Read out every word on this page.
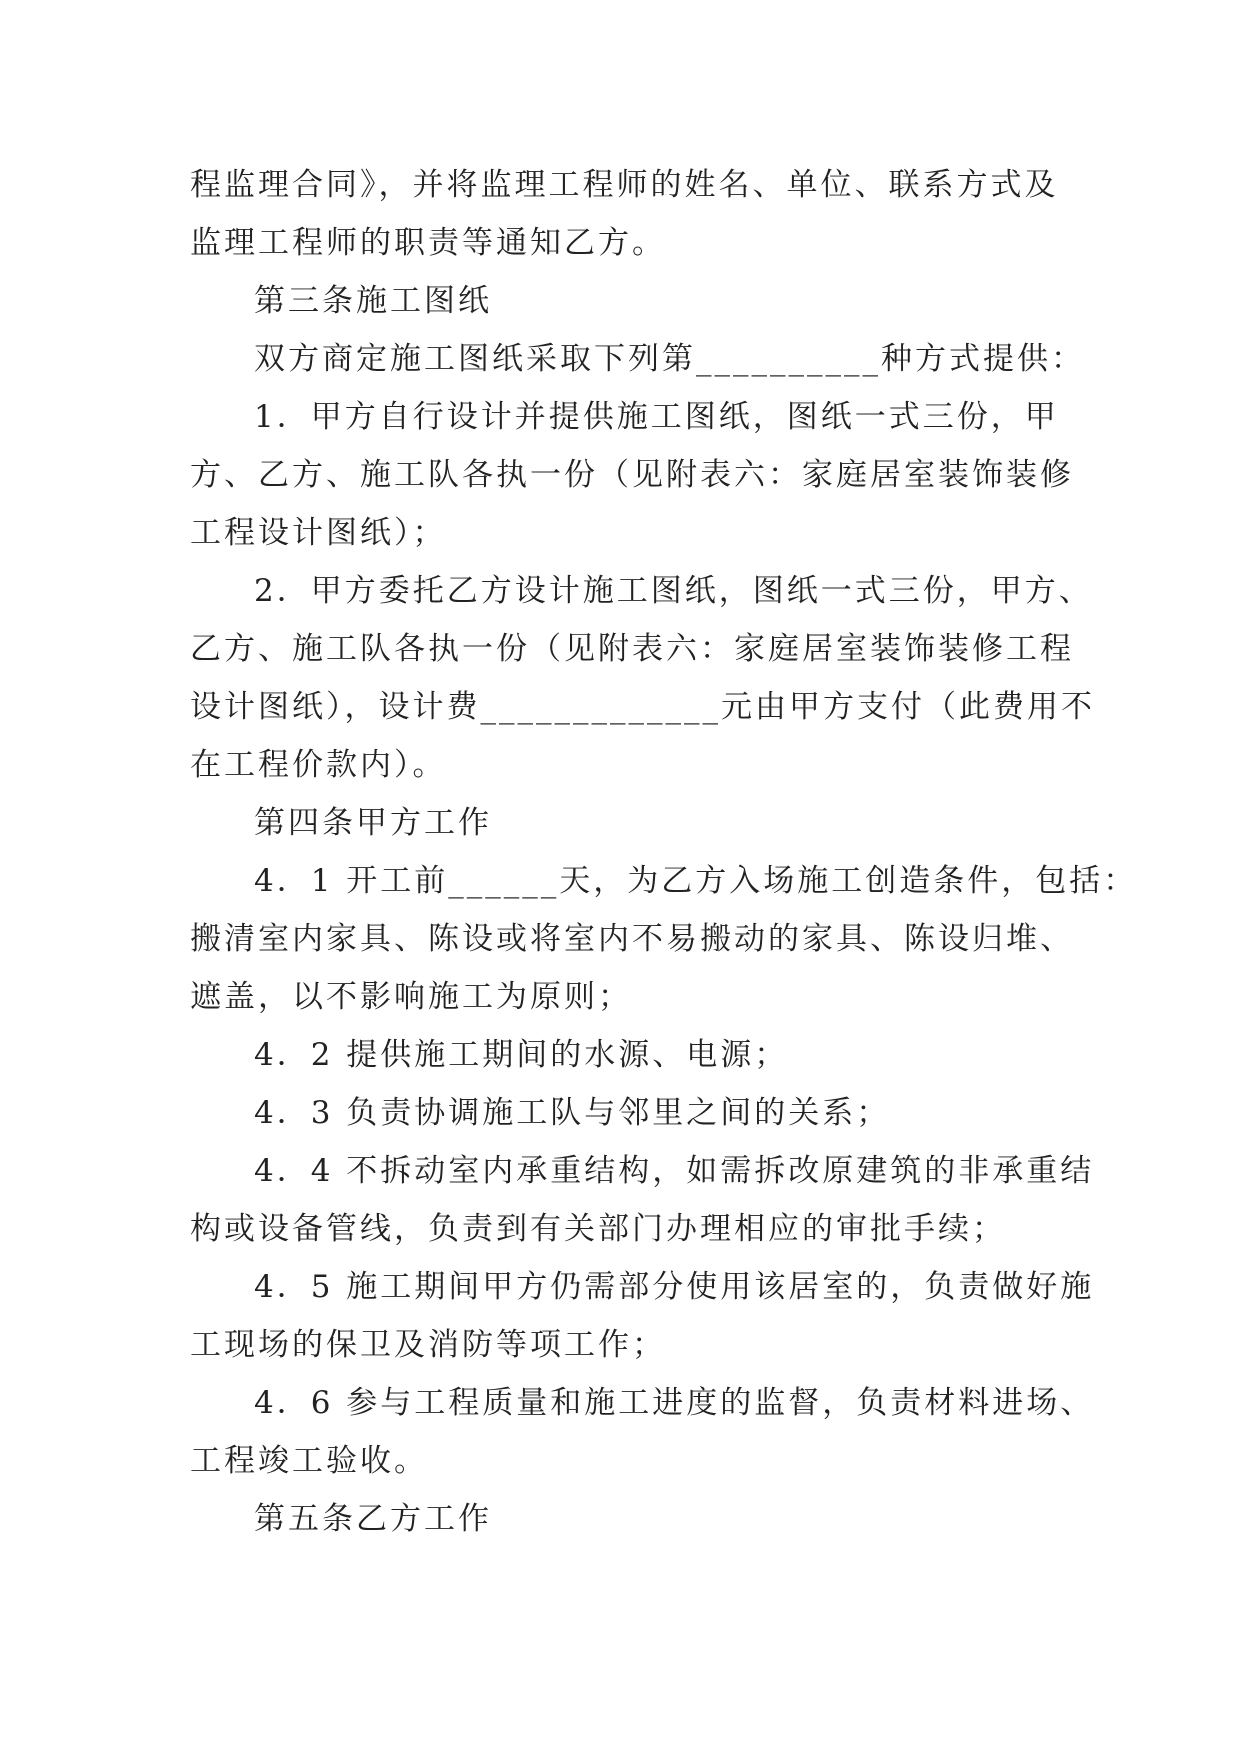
程监理合同》，并将监理工程师的姓名、单位、联系方式及
监理工程师的职责等通知乙方。
第三条施工图纸
双方商定施工图纸采取下列第__________种方式提供：
1．甲方自行设计并提供施工图纸，图纸一式三份，甲
方、乙方、施工队各执一份（见附表六：家庭居室装饰装修
工程设计图纸）；
2．甲方委托乙方设计施工图纸，图纸一式三份，甲方、
乙方、施工队各执一份（见附表六：家庭居室装饰装修工程
设计图纸），设计费_____________元由甲方支付（此费用不
在工程价款内）。
第四条甲方工作
4．1 开工前______天，为乙方入场施工创造条件，包括：
搬清室内家具、陈设或将室内不易搬动的家具、陈设归堆、
遮盖，以不影响施工为原则；
4．2 提供施工期间的水源、电源；
4．3 负责协调施工队与邻里之间的关系；
4．4 不拆动室内承重结构，如需拆改原建筑的非承重结
构或设备管线，负责到有关部门办理相应的审批手续；
4．5 施工期间甲方仍需部分使用该居室的，负责做好施
工现场的保卫及消防等项工作；
4．6 参与工程质量和施工进度的监督，负责材料进场、
工程竣工验收。
第五条乙方工作
